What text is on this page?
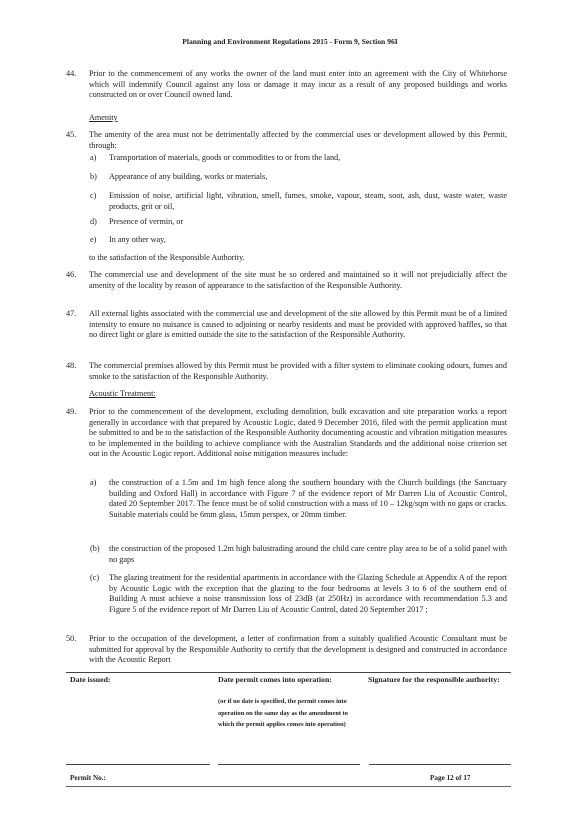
Planning and Environment Regulations 2015 - Form 9, Section 96I
44. Prior to the commencement of any works the owner of the land must enter into an agreement with the City of Whitehorse which will indemnify Council against any loss or damage it may incur as a result of any proposed buildings and works constructed on or over Council owned land.
Amenity
45. The amenity of the area must not be detrimentally affected by the commercial uses or development allowed by this Permit, through:
a) Transportation of materials, goods or commodities to or from the land,
b) Appearance of any building, works or materials,
c) Emission of noise, artificial light, vibration, smell, fumes, smoke, vapour, steam, soot, ash, dust, waste water, waste products, grit or oil,
d) Presence of vermin, or
e) In any other way,
to the satisfaction of the Responsible Authority.
46. The commercial use and development of the site must be so ordered and maintained so it will not prejudicially affect the amenity of the locality by reason of appearance to the satisfaction of the Responsible Authority.
47. All external lights associated with the commercial use and development of the site allowed by this Permit must be of a limited intensity to ensure no nuisance is caused to adjoining or nearby residents and must be provided with approved baffles, so that no direct light or glare is emitted outside the site to the satisfaction of the Responsible Authority.
48. The commercial premises allowed by this Permit must be provided with a filter system to eliminate cooking odours, fumes and smoke to the satisfaction of the Responsible Authority.
Acoustic Treatment:
49. Prior to the commencement of the development, excluding demolition, bulk excavation and site preparation works a report generally in accordance with that prepared by Acoustic Logic, dated 9 December 2016, filed with the permit application must be submitted to and be to the satisfaction of the Responsible Authority documenting acoustic and vibration mitigation measures to be implemented in the building to achieve compliance with the Australian Standards and the additional noise criterion set out in the Acoustic Logic report. Additional noise mitigation measures include:
a) the construction of a 1.5m and 1m high fence along the southern boundary with the Church buildings (the Sanctuary building and Oxford Hall) in accordance with Figure 7 of the evidence report of Mr Darren Liu of Acoustic Control, dated 20 September 2017. The fence must be of solid construction with a mass of 10 – 12kg/sqm with no gaps or cracks. Suitable materials could be 6mm glass, 15mm perspex, or 20mm timber.
(b) the construction of the proposed 1.2m high balustrading around the child care centre play area to be of a solid panel with no gaps
(c) The glazing treatment for the residential apartments in accordance with the Glazing Schedule at Appendix A of the report by Acoustic Logic with the exception that the glazing to the four bedrooms at levels 3 to 6 of the southern end of Building A must achieve a noise transmission loss of 23dB (at 250Hz) in accordance with recommendation 5.3 and Figure 5 of the evidence report of Mr Darren Liu of Acoustic Control, dated 20 September 2017 ;
50. Prior to the occupation of the development, a letter of confirmation from a suitably qualified Acoustic Consultant must be submitted for approval by the Responsible Authority to certify that the development is designed and constructed in accordance with the Acoustic Report
Date issued:	Date permit comes into operation:
(or if no date is specified, the permit comes into operation on the same day as the amendment to which the permit applies comes into operation)
Signature for the responsible authority:
Permit No.:	Page 12 of 17
